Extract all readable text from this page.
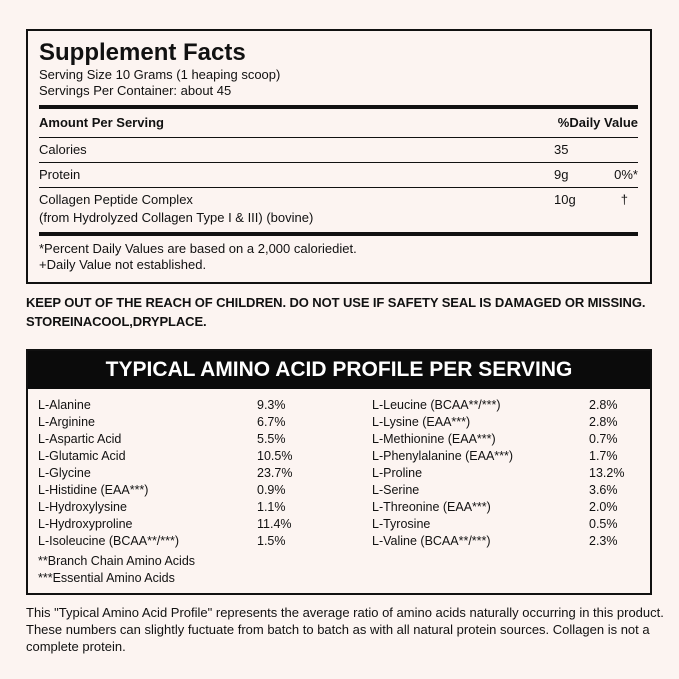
Supplement Facts
Serving Size 10 Grams (1 heaping scoop)
Servings Per Container: about 45
Amount Per Serving	%Daily Value
Calories	35
Protein	9g	0%*
Collagen Peptide Complex
(from Hydrolyzed Collagen Type I & III) (bovine)
10g	†
*Percent Daily Values are based on a 2,000 caloriediet.
+Daily Value not established.
KEEP OUT OF THE REACH OF CHILDREN. DO NOT USE IF SAFETY SEAL IS DAMAGED OR MISSING. STOREINACOOL,DRYPLACE.
TYPICAL AMINO ACID PROFILE PER SERVING
L-Alanine	9.3%
L-Arginine	6.7%
L-Aspartic Acid	5.5%
L-Glutamic Acid	10.5%
L-Glycine	23.7%
L-Histidine (EAA***)	0.9%
L-Hydroxylysine	1.1%
L-Hydroxyproline	11.4%
L-Isoleucine (BCAA**/***)	1.5%
L-Leucine (BCAA**/***)	2.8%
L-Lysine (EAA***)	2.8%
L-Methionine (EAA***)	0.7%
L-Phenylalanine (EAA***)	1.7%
L-Proline	13.2%
L-Serine	3.6%
L-Threonine (EAA***)	2.0%
L-Tyrosine	0.5%
L-Valine (BCAA**/***)	2.3%
**Branch Chain Amino Acids
***Essential Amino Acids
This "Typical Amino Acid Profile" represents the average ratio of amino acids naturally occurring in this product. These numbers can slightly fuctuate from batch to batch as with all natural protein sources. Collagen is not a complete protein.
